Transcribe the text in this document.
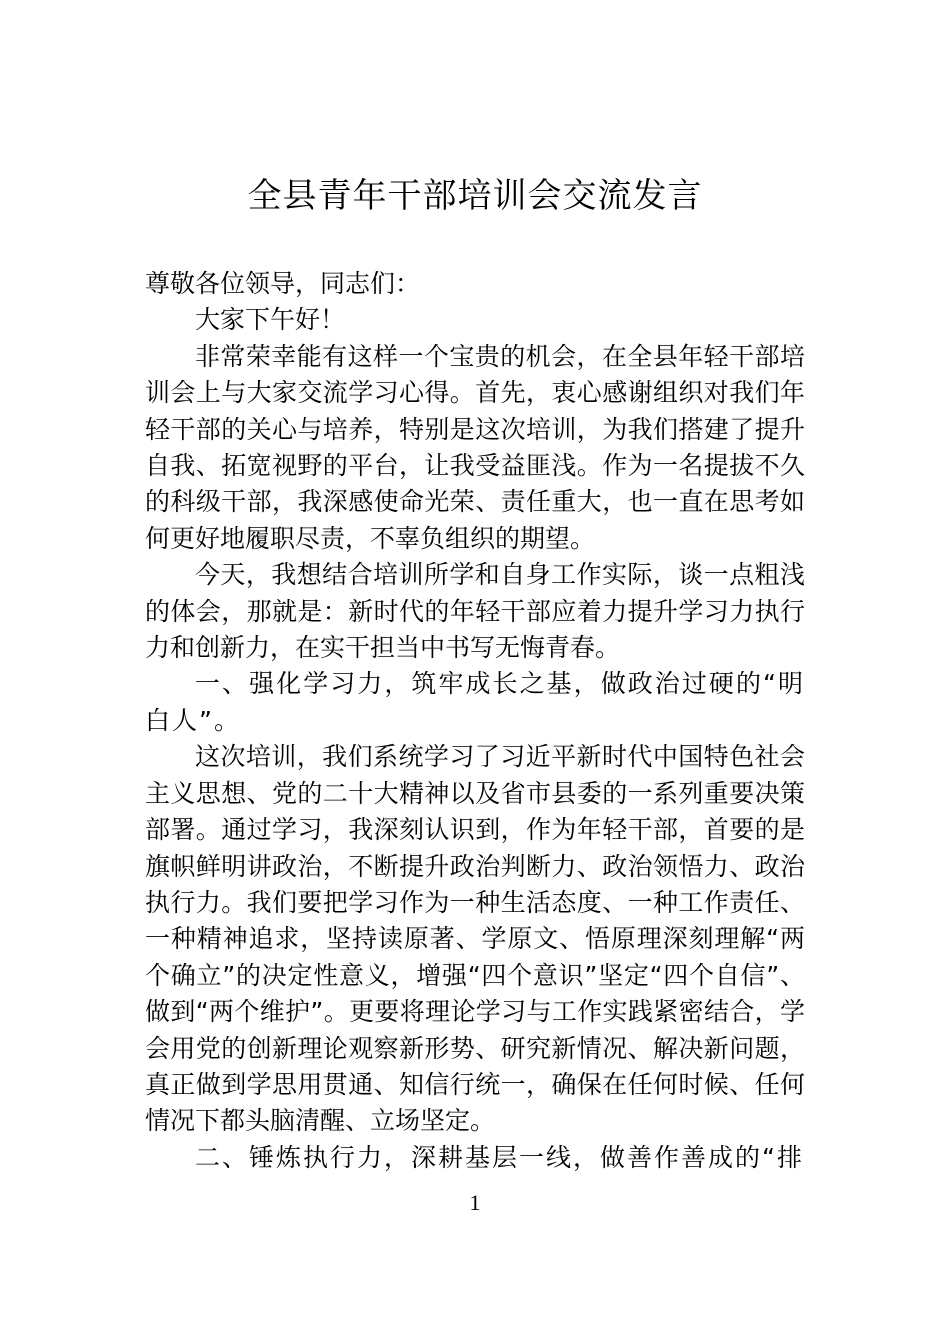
全县青年干部培训会交流发言

尊敬各位领导，同志们：

大家下午好！

非常荣幸能有这样一个宝贵的机会，在全县年轻干部培训会上与大家交流学习心得。首先，衷心感谢组织对我们年轻干部的关心与培养，特别是这次培训，为我们搭建了提升自我、拓宽视野的平台，让我受益匪浅。作为一名提拔不久的科级干部，我深感使命光荣、责任重大，也一直在思考如何更好地履职尽责，不辜负组织的期望。

今天，我想结合培训所学和自身工作实际，谈一点粗浅的体会，那就是：新时代的年轻干部应着力提升学习力执行力和创新力，在实干担当中书写无悔青春。

一、强化学习力，筑牢成长之基，做政治过硬的“明白人”。

这次培训，我们系统学习了习近平新时代中国特色社会主义思想、党的二十大精神以及省市县委的一系列重要决策部署。通过学习，我深刻认识到，作为年轻干部，首要的是旗帜鲜明讲政治，不断提升政治判断力、政治领悟力、政治执行力。我们要把学习作为一种生活态度、一种工作责任、一种精神追求，坚持读原著、学原文、悟原理深刻理解“两个确立”的决定性意义，增强“四个意识”坚定“四个自信”、做到“两个维护”。更要将理论学习与工作实践紧密结合，学会用党的创新理论观察新形势、研究新情况、解决新问题，真正做到学思用贯通、知信行统一，确保在任何时候、任何情况下都头脑清醒、立场坚定。

二、锤炼执行力，深耕基层一线，做善作善成的“排

1
